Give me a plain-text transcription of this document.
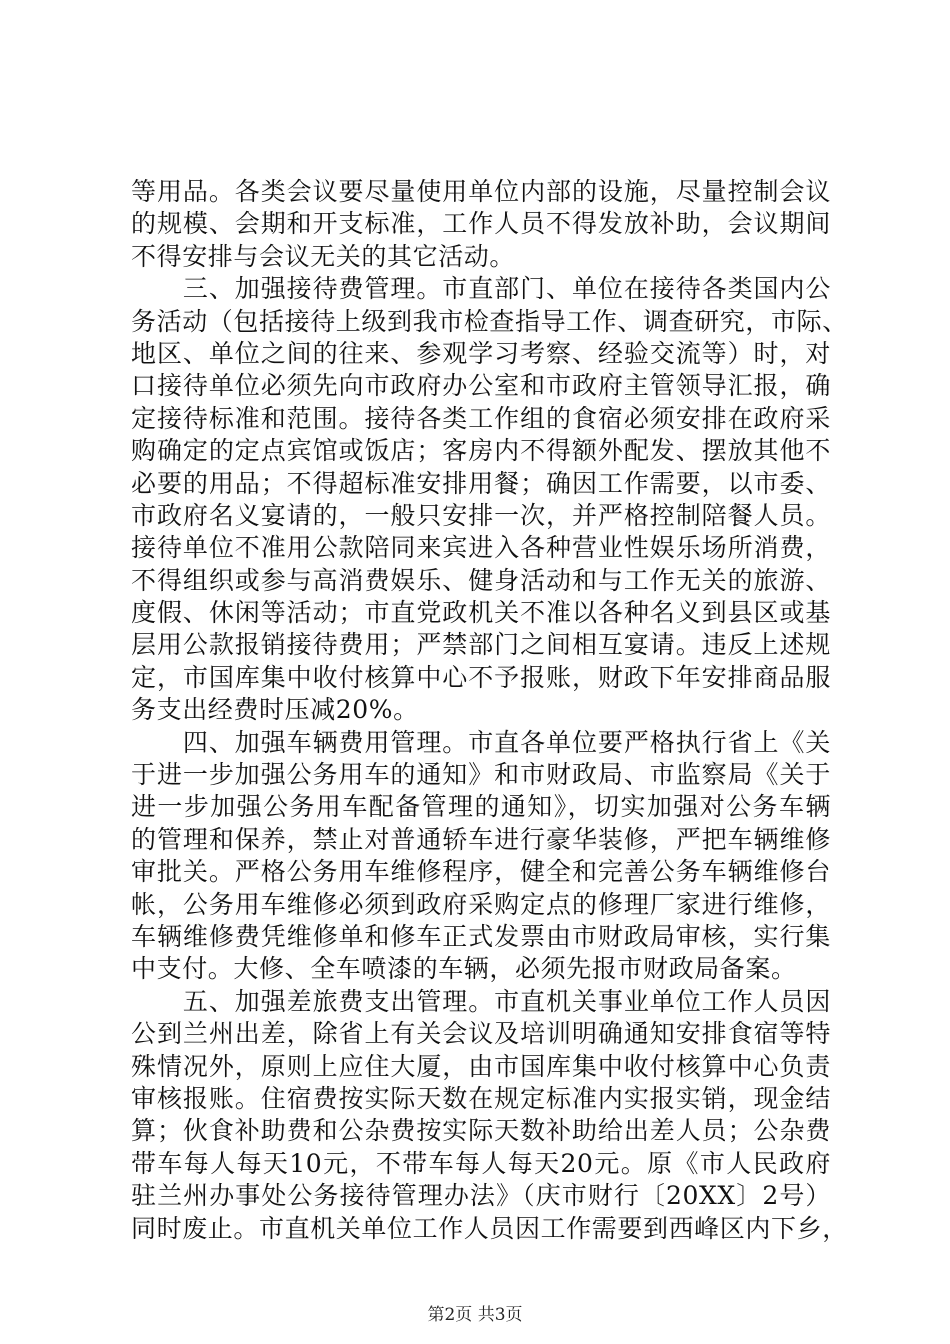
等用品。各类会议要尽量使用单位内部的设施，尽量控制会议
的规模、会期和开支标准，工作人员不得发放补助，会议期间
不得安排与会议无关的其它活动。
　　三、加强接待费管理。市直部门、单位在接待各类国内公
务活动（包括接待上级到我市检查指导工作、调查研究，市际、
地区、单位之间的往来、参观学习考察、经验交流等）时，对
口接待单位必须先向市政府办公室和市政府主管领导汇报，确
定接待标准和范围。接待各类工作组的食宿必须安排在政府采
购确定的定点宾馆或饭店；客房内不得额外配发、摆放其他不
必要的用品；不得超标准安排用餐；确因工作需要，以市委、
市政府名义宴请的，一般只安排一次，并严格控制陪餐人员。
接待单位不准用公款陪同来宾进入各种营业性娱乐场所消费，
不得组织或参与高消费娱乐、健身活动和与工作无关的旅游、
度假、休闲等活动；市直党政机关不准以各种名义到县区或基
层用公款报销接待费用；严禁部门之间相互宴请。违反上述规
定，市国库集中收付核算中心不予报账，财政下年安排商品服
务支出经费时压减20%。
　　四、加强车辆费用管理。市直各单位要严格执行省上《关
于进一步加强公务用车的通知》和市财政局、市监察局《关于
进一步加强公务用车配备管理的通知》，切实加强对公务车辆
的管理和保养，禁止对普通轿车进行豪华装修，严把车辆维修
审批关。严格公务用车维修程序，健全和完善公务车辆维修台
帐，公务用车维修必须到政府采购定点的修理厂家进行维修，
车辆维修费凭维修单和修车正式发票由市财政局审核，实行集
中支付。大修、全车喷漆的车辆，必须先报市财政局备案。
　　五、加强差旅费支出管理。市直机关事业单位工作人员因
公到兰州出差，除省上有关会议及培训明确通知安排食宿等特
殊情况外，原则上应住大厦，由市国库集中收付核算中心负责
审核报账。住宿费按实际天数在规定标准内实报实销，现金结
算；伙食补助费和公杂费按实际天数补助给出差人员；公杂费
带车每人每天10元，不带车每人每天20元。原《市人民政府
驻兰州办事处公务接待管理办法》（庆市财行〔20XX〕2号）
同时废止。市直机关单位工作人员因工作需要到西峰区内下乡，
第2页 共3页
